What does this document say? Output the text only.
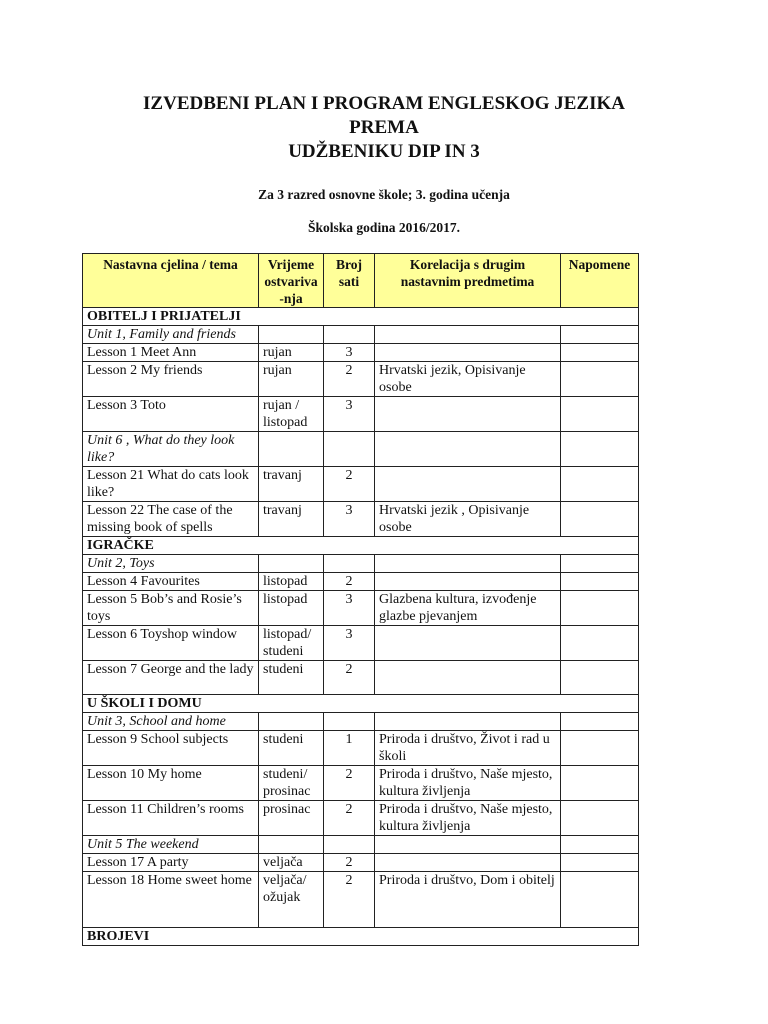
IZVEDBENI PLAN I PROGRAM ENGLESKOG JEZIKA
PREMA
UDŽBENIKU DIP IN 3
Za 3 razred osnovne škole; 3. godina učenja
Školska godina 2016/2017.
Nastavna cjelina / tema	Vrijeme ostvariva -nja	Broj sati	Korelacija s drugim nastavnim predmetima	Napomene
OBITELJ I PRIJATELJI				
Unit 1, Family and friends				
Lesson 1 Meet Ann	rujan	3		
Lesson 2 My friends	rujan	2	Hrvatski jezik, Opisivanje osobe	
Lesson 3 Toto	rujan / listopad	3		
Unit 6 , What do they look like?				
Lesson 21 What do cats look like?	travanj	2		
Lesson 22 The case of the missing book of spells	travanj	3	Hrvatski jezik , Opisivanje osobe	
IGRAČKE				
Unit 2, Toys				
Lesson 4 Favourites	listopad	2		
Lesson 5 Bob’s and Rosie’s toys	listopad	3	Glazbena kultura, izvođenje glazbe pjevanjem	
Lesson 6 Toyshop window	listopad/ studeni	3		
Lesson 7 George and the lady	studeni	2		
U ŠKOLI I DOMU				
Unit 3, School and home				
Lesson 9 School subjects	studeni	1	Priroda i društvo, Život i rad u školi	
Lesson 10 My home	studeni/ prosinac	2	Priroda i društvo, Naše mjesto, kultura življenja	
Lesson 11 Children’s rooms	prosinac	2	Priroda i društvo, Naše mjesto, kultura življenja	
Unit 5 The weekend				
Lesson 17 A party	veljača	2		
Lesson 18 Home sweet home	veljača/ ožujak	2	Priroda i društvo, Dom i obitelj	
BROJEVI				
